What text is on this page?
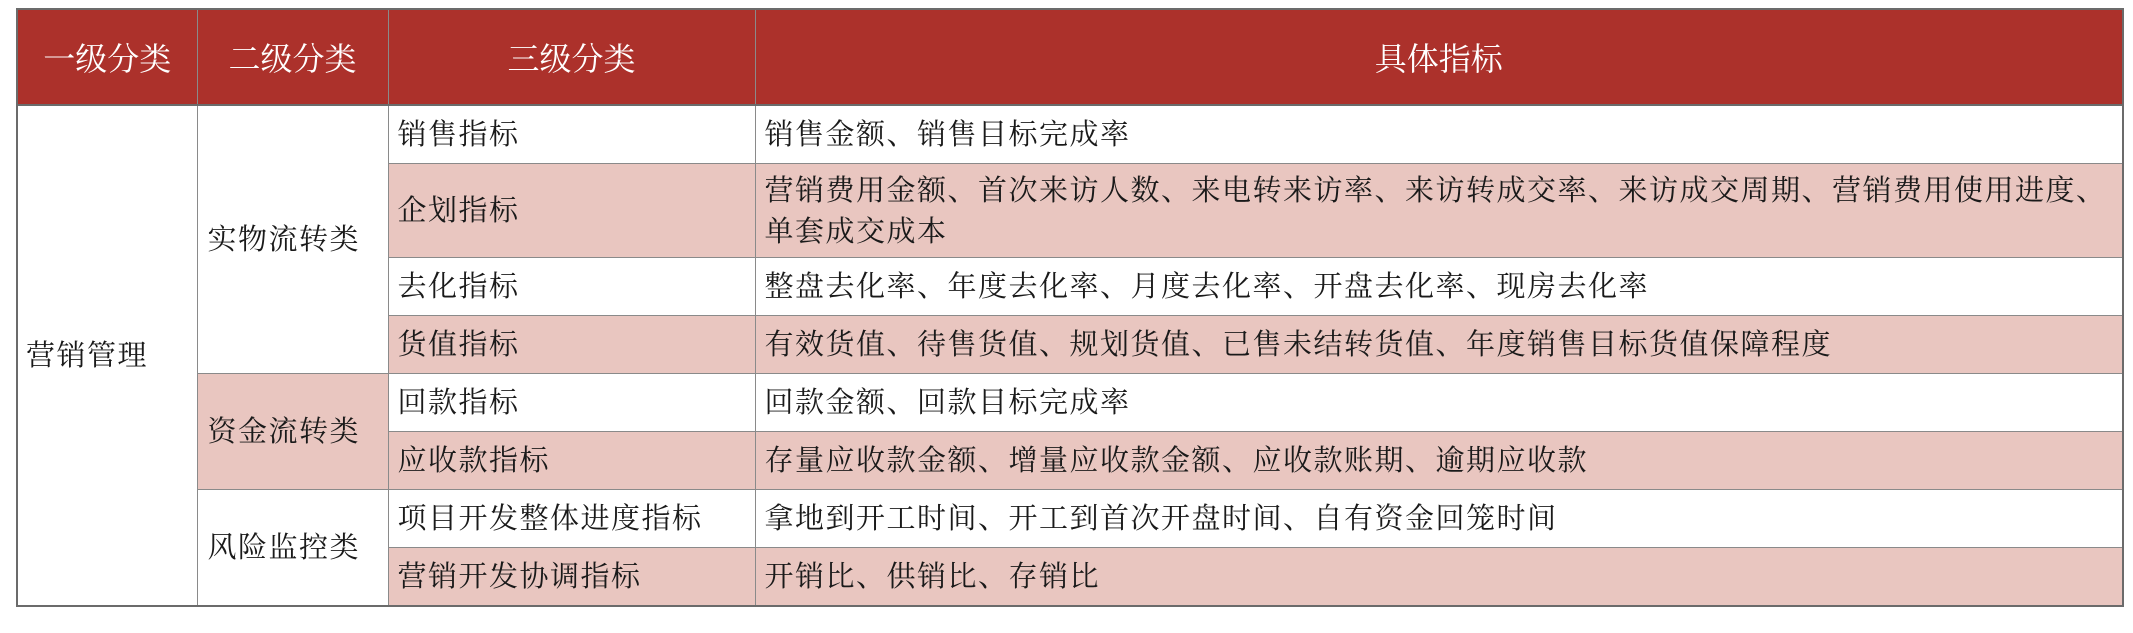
一级分类	二级分类	三级分类	具体指标
营销管理	实物流转类	销售指标	销售金额、销售目标完成率
		企划指标	营销费用金额、首次来访人数、来电转来访率、来访转成交率、来访成交周期、营销费用使用进度、单套成交成本
		去化指标	整盘去化率、年度去化率、月度去化率、开盘去化率、现房去化率
		货值指标	有效货值、待售货值、规划货值、已售未结转货值、年度销售目标货值保障程度
	资金流转类	回款指标	回款金额、回款目标完成率
		应收款指标	存量应收款金额、增量应收款金额、应收款账期、逾期应收款
	风险监控类	项目开发整体进度指标	拿地到开工时间、开工到首次开盘时间、自有资金回笼时间
		营销开发协调指标	开销比、供销比、存销比
